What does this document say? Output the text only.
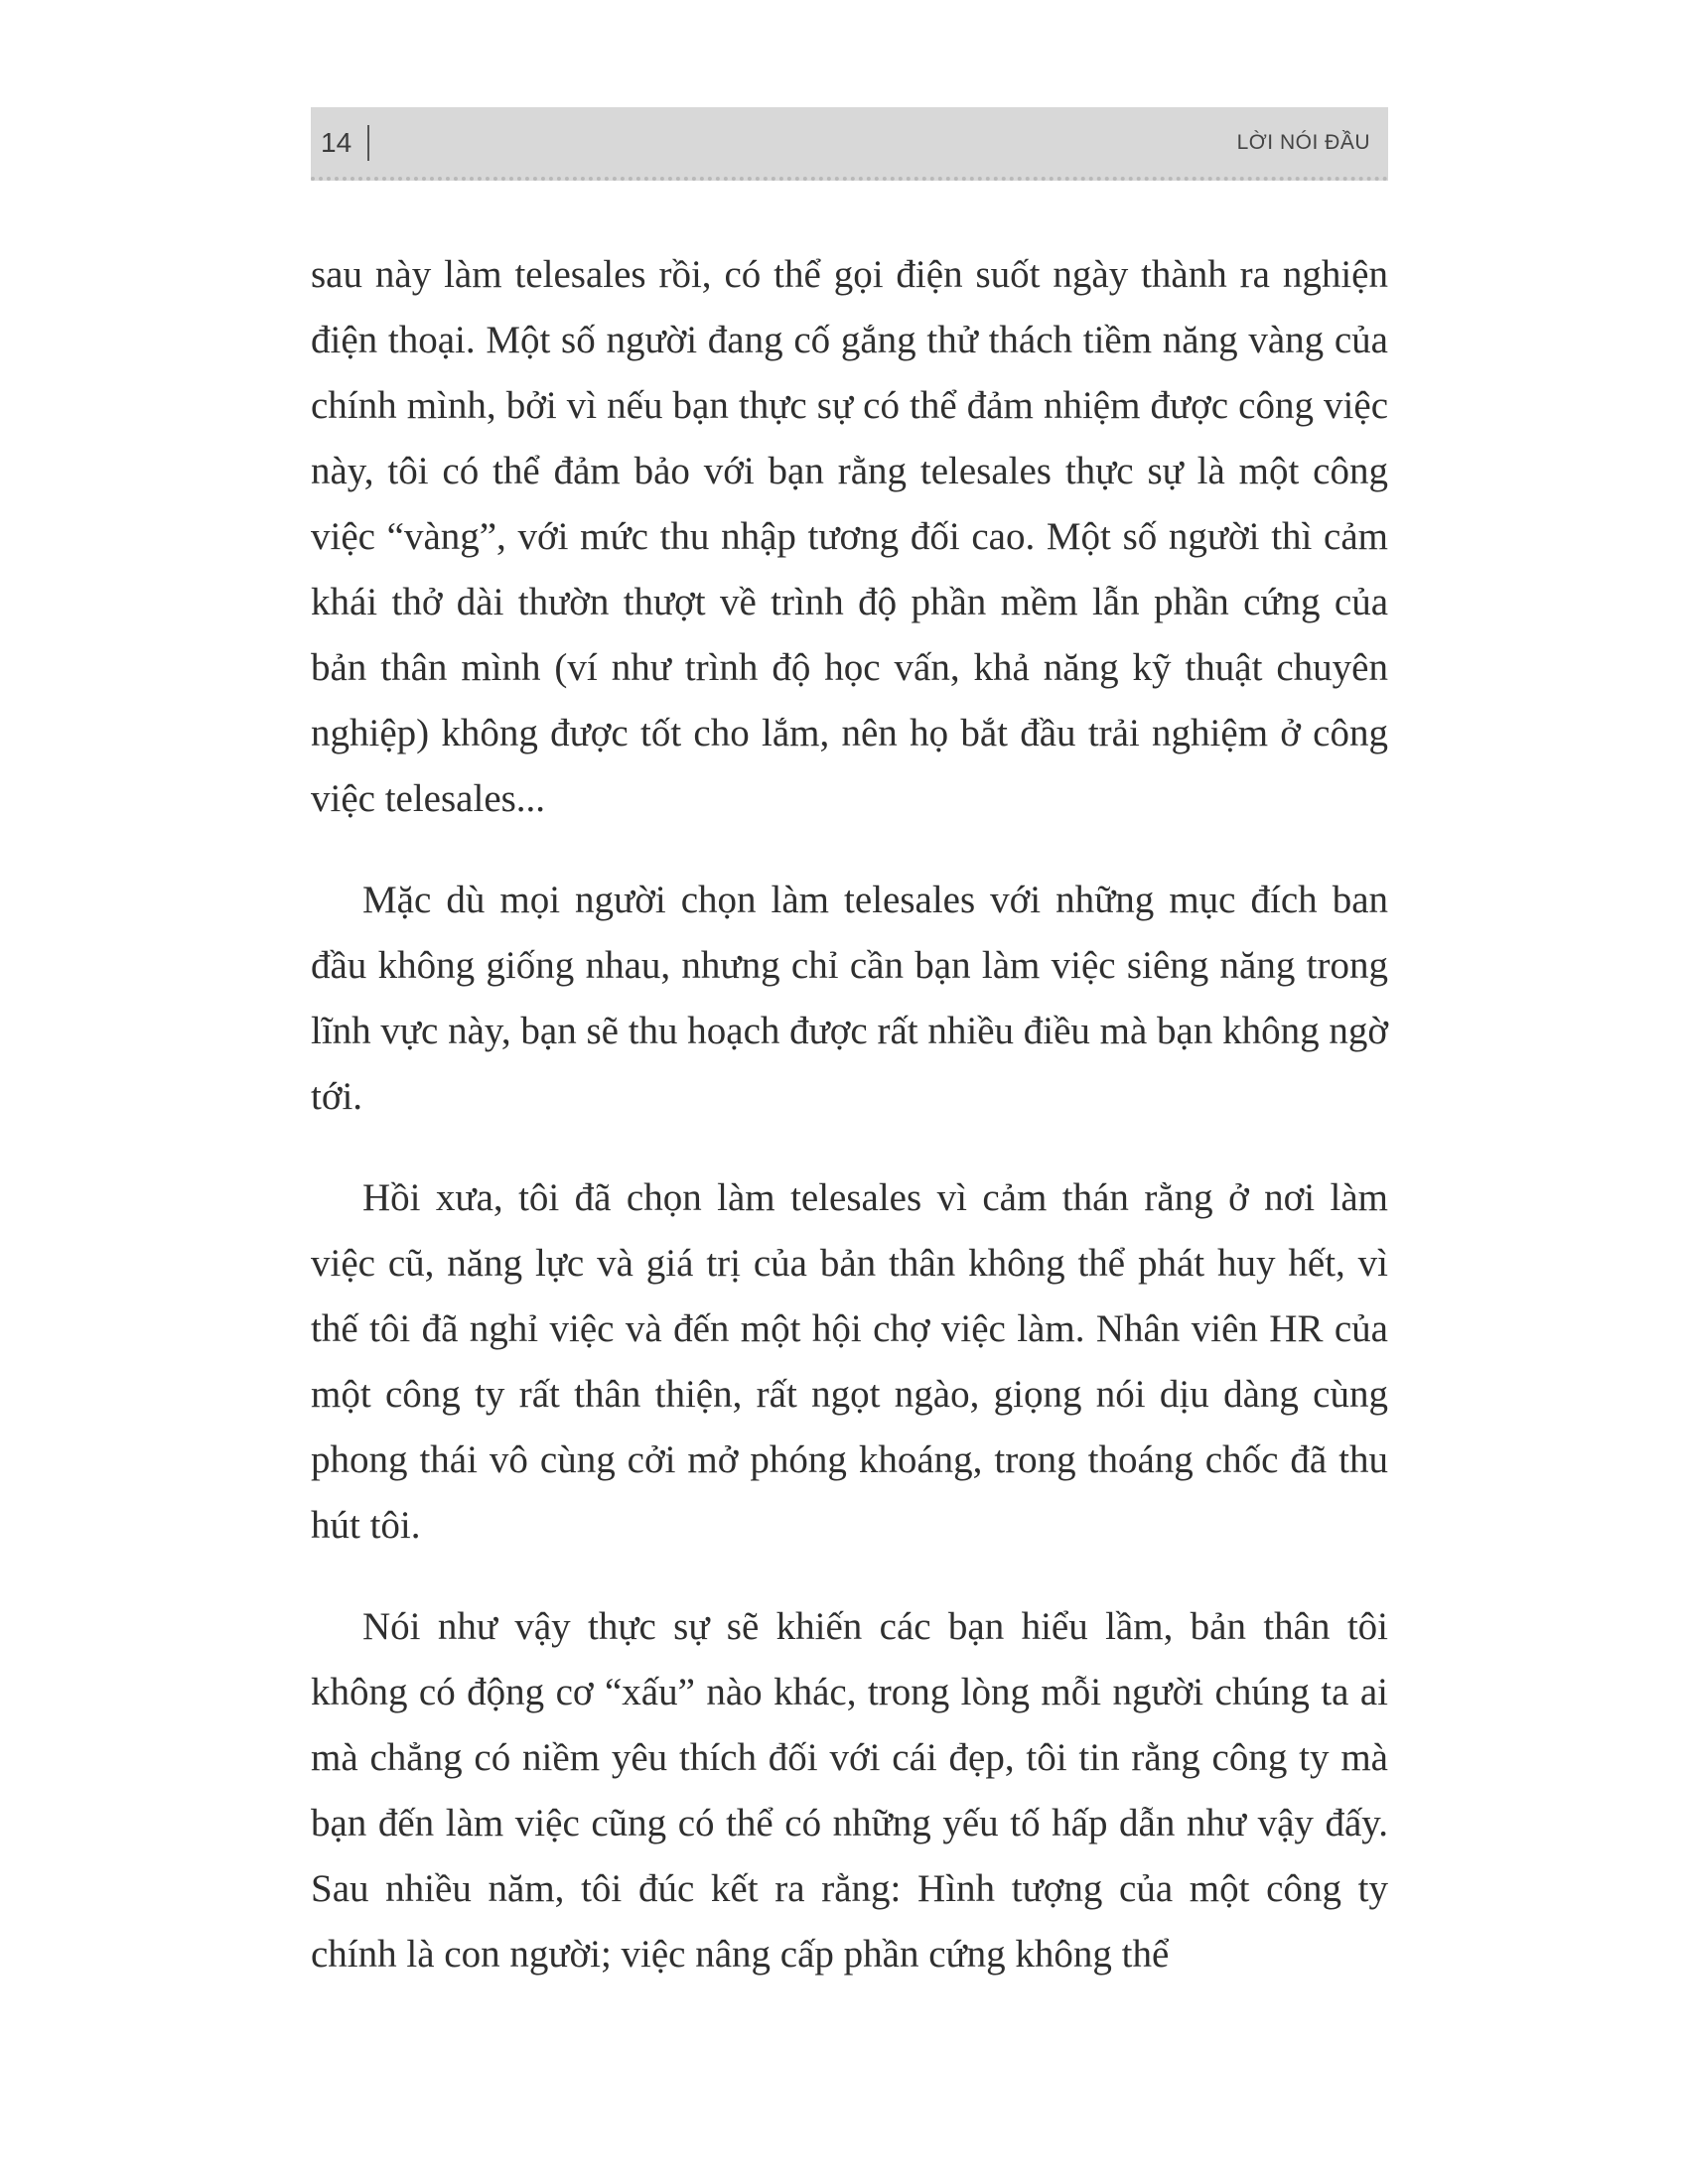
14	LỜI NÓI ĐẦU

sau này làm telesales rồi, có thể gọi điện suốt ngày thành ra nghiện điện thoại. Một số người đang cố gắng thử thách tiềm năng vàng của chính mình, bởi vì nếu bạn thực sự có thể đảm nhiệm được công việc này, tôi có thể đảm bảo với bạn rằng telesales thực sự là một công việc “vàng”, với mức thu nhập tương đối cao. Một số người thì cảm khái thở dài thườn thượt về trình độ phần mềm lẫn phần cứng của bản thân mình (ví như trình độ học vấn, khả năng kỹ thuật chuyên nghiệp) không được tốt cho lắm, nên họ bắt đầu trải nghiệm ở công việc telesales...

Mặc dù mọi người chọn làm telesales với những mục đích ban đầu không giống nhau, nhưng chỉ cần bạn làm việc siêng năng trong lĩnh vực này, bạn sẽ thu hoạch được rất nhiều điều mà bạn không ngờ tới.

Hồi xưa, tôi đã chọn làm telesales vì cảm thán rằng ở nơi làm việc cũ, năng lực và giá trị của bản thân không thể phát huy hết, vì thế tôi đã nghỉ việc và đến một hội chợ việc làm. Nhân viên HR của một công ty rất thân thiện, rất ngọt ngào, giọng nói dịu dàng cùng phong thái vô cùng cởi mở phóng khoáng, trong thoáng chốc đã thu hút tôi.

Nói như vậy thực sự sẽ khiến các bạn hiểu lầm, bản thân tôi không có động cơ “xấu” nào khác, trong lòng mỗi người chúng ta ai mà chẳng có niềm yêu thích đối với cái đẹp, tôi tin rằng công ty mà bạn đến làm việc cũng có thể có những yếu tố hấp dẫn như vậy đấy. Sau nhiều năm, tôi đúc kết ra rằng: Hình tượng của một công ty chính là con người; việc nâng cấp phần cứng không thể
